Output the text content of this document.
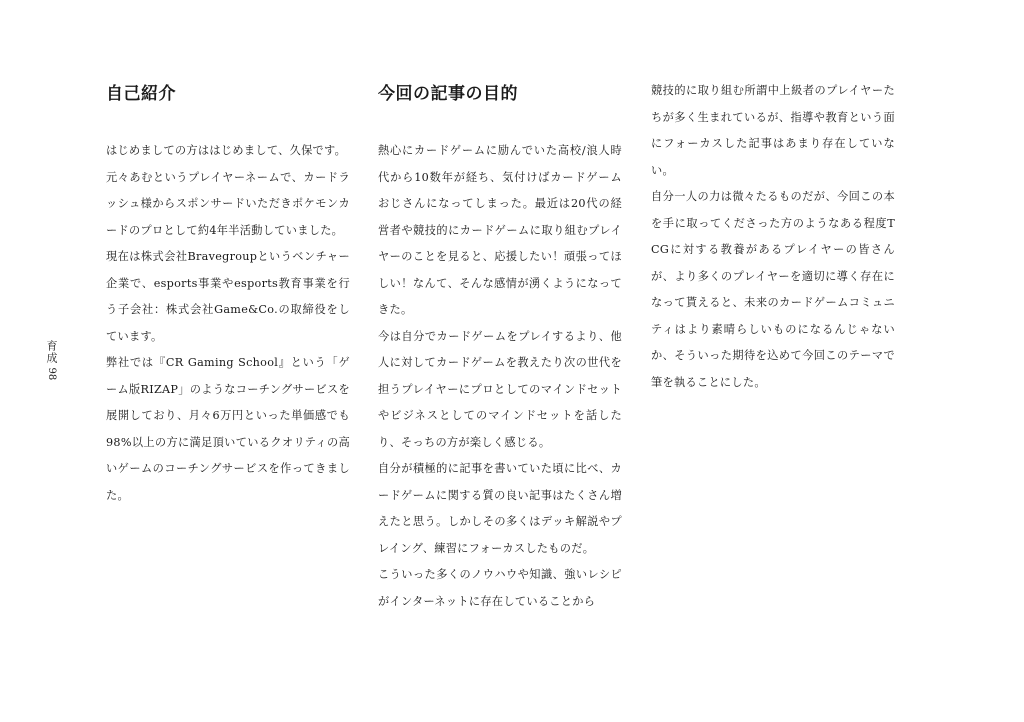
育成 98
自己紹介

はじめましての方ははじめまして、久保です。

元々あむというプレイヤーネームで、カードラッシュ様からスポンサードいただきポケモンカードのプロとして約4年半活動していました。

現在は株式会社Bravegroupというベンチャー企業で、esports事業やesports教育事業を行う子会社：株式会社Game&Co.の取締役をしています。

弊社では『CR Gaming School』という「ゲーム版RIZAP」のようなコーチングサービスを展開しており、月々6万円といった単価感でも98%以上の方に満足頂いているクオリティの高いゲームのコーチングサービスを作ってきました。

今回の記事の目的

熱心にカードゲームに励んでいた高校/浪人時代から10数年が経ち、気付けばカードゲームおじさんになってしまった。最近は20代の経営者や競技的にカードゲームに取り組むプレイヤーのことを見ると、応援したい！頑張ってほしい！なんて、そんな感情が湧くようになってきた。

今は自分でカードゲームをプレイするより、他人に対してカードゲームを教えたり次の世代を担うプレイヤーにプロとしてのマインドセットやビジネスとしてのマインドセットを話したり、そっちの方が楽しく感じる。

自分が積極的に記事を書いていた頃に比べ、カードゲームに関する質の良い記事はたくさん増えたと思う。しかしその多くはデッキ解説やプレイング、練習にフォーカスしたものだ。

こういった多くのノウハウや知識、強いレシピがインターネットに存在していることから

競技的に取り組む所謂中上級者のプレイヤーたちが多く生まれているが、指導や教育という面にフォーカスした記事はあまり存在していない。

自分一人の力は微々たるものだが、今回この本を手に取ってくださった方のようなある程度TCGに対する教養があるプレイヤーの皆さんが、より多くのプレイヤーを適切に導く存在になって貰えると、未来のカードゲームコミュニティはより素晴らしいものになるんじゃないか、そういった期待を込めて今回このテーマで筆を執ることにした。
